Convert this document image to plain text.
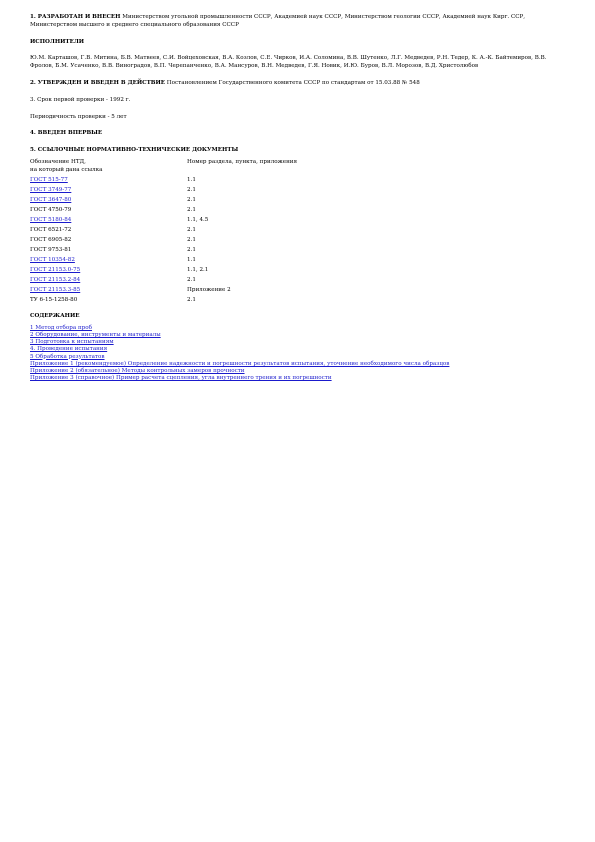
1. РАЗРАБОТАН И ВНЕСЕН Министерством угольной промышленности СССР, Академией наук СССР, Министерством геологии СССР, Академией наук Кирг. ССР, Министерством высшего и среднего специального образования СССР

ИСПОЛНИТЕЛИ

Ю.М. Карташов, Г.В. Митина, Б.В. Матвеев, С.И. Войцеховская, В.А. Козлов, С.Е. Чирков, И.А. Соломина, В.В. Шутенко, Л.Г. Медведев, Р.Н. Тедер, К. А.-К. Байтемиров, В.В. Фролов, Б.М. Усаченко, В.В. Виноградов, В.П. Черепанченко, В.А. Мансуров, В.Н. Медведев, Г.Я. Новик, И.Ю. Буров, В.Л. Морозов, В.Д. Христолюбов

2. УТВЕРЖДЕН И ВВЕДЕН В ДЕЙСТВИЕ Постановлением Государственного комитета СССР по стандартам от 15.03.88 № 548

3. Срок первой проверки - 1992 г.

Периодичность проверки - 5 лет

4. ВВЕДЕН ВПЕРВЫЕ

5. ССЫЛОЧНЫЕ НОРМАТИВНО-ТЕХНИЧЕСКИЕ ДОКУМЕНТЫ

Обозначение НТД,
на который дана ссылка	Номер раздела, пункта, приложения
ГОСТ 515-77	1.1
ГОСТ 3749-77	2.1
ГОСТ 3647-80	2.1
ГОСТ 4750-79	2.1
ГОСТ 5180-84	1.1, 4.5
ГОСТ 6521-72	2.1
ГОСТ 6905-82	2.1
ГОСТ 9753-81	2.1
ГОСТ 10354-82	1.1
ГОСТ 21153.0-75	1.1, 2.1
ГОСТ 21153.2-84	2.1
ГОСТ 21153.3-85	Приложение 2
ТУ 6-15-1258-80	2.1

СОДЕРЖАНИЕ

1 Метод отбора проб
2 Оборудование, инструменты и материалы
3 Подготовка к испытаниям
4. Проведение испытания
5 Обработка результатов
Приложение 1 (рекомендуемое) Определение надежности и погрешности результатов испытания, уточнение необходимого числа образцов
Приложение 2 (обязательное) Методы контрольных замеров прочности
Приложение 3 (справочное) Пример расчета сцепления, угла внутреннего трения и их погрешности
